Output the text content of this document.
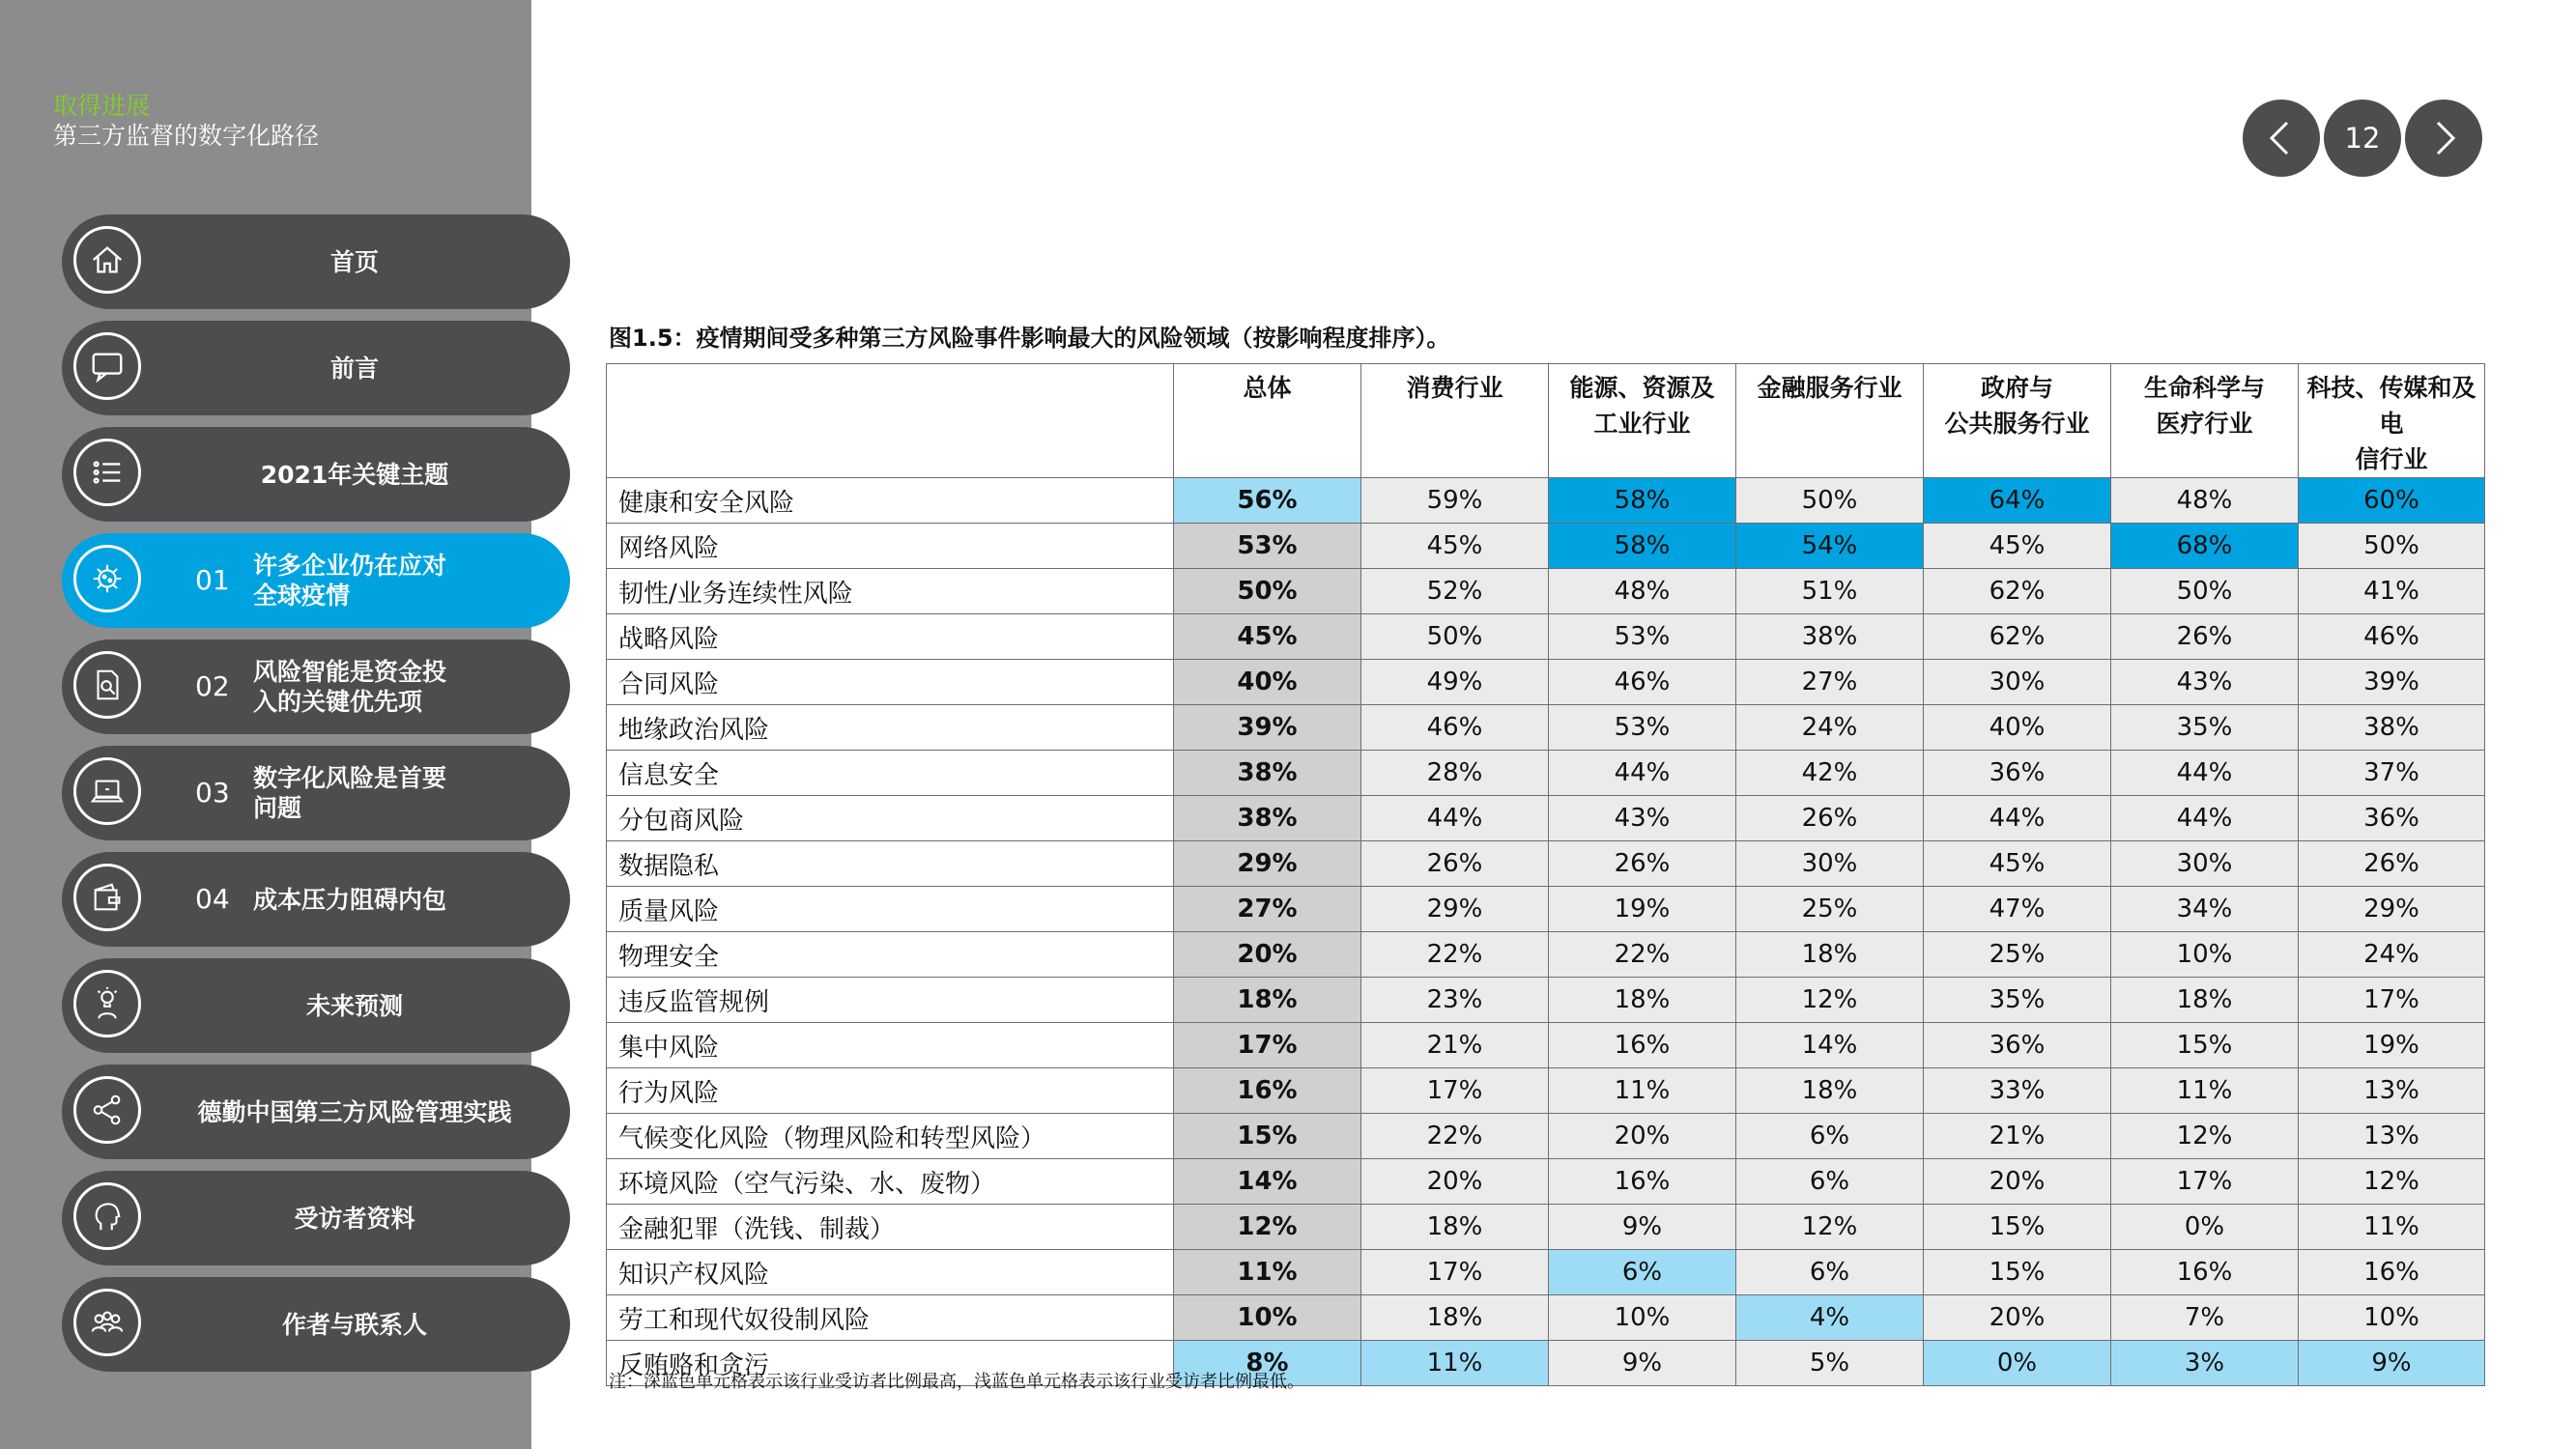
取得进展
第三方监督的数字化路径
首页
前言
2021年关键主题
01 许多企业仍在应对
全球疫情
02 风险智能是资金投
入的关键优先项
03 数字化风险是首要
问题
04 成本压力阻碍内包
未来预测
德勤中国第三方风险管理实践
受访者资料
作者与联系人
12
图1.5：疫情期间受多种第三方风险事件影响最大的风险领域（按影响程度排序）。
	总体	消费行业	能源、资源及
工业行业	金融服务行业	政府与
公共服务行业	生命科学与
医疗行业	科技、传媒和及电
信行业
健康和安全风险	56%	59%	58%	50%	64%	48%	60%
网络风险	53%	45%	58%	54%	45%	68%	50%
韧性/业务连续性风险	50%	52%	48%	51%	62%	50%	41%
战略风险	45%	50%	53%	38%	62%	26%	46%
合同风险	40%	49%	46%	27%	30%	43%	39%
地缘政治风险	39%	46%	53%	24%	40%	35%	38%
信息安全	38%	28%	44%	42%	36%	44%	37%
分包商风险	38%	44%	43%	26%	44%	44%	36%
数据隐私	29%	26%	26%	30%	45%	30%	26%
质量风险	27%	29%	19%	25%	47%	34%	29%
物理安全	20%	22%	22%	18%	25%	10%	24%
违反监管规例	18%	23%	18%	12%	35%	18%	17%
集中风险	17%	21%	16%	14%	36%	15%	19%
行为风险	16%	17%	11%	18%	33%	11%	13%
气候变化风险（物理风险和转型风险）	15%	22%	20%	6%	21%	12%	13%
环境风险（空气污染、水、废物）	14%	20%	16%	6%	20%	17%	12%
金融犯罪（洗钱、制裁）	12%	18%	9%	12%	15%	0%	11%
知识产权风险	11%	17%	6%	6%	15%	16%	16%
劳工和现代奴役制风险	10%	18%	10%	4%	20%	7%	10%
反贿赂和贪污	8%	11%	9%	5%	0%	3%	9%
注：深蓝色单元格表示该行业受访者比例最高，浅蓝色单元格表示该行业受访者比例最低。
